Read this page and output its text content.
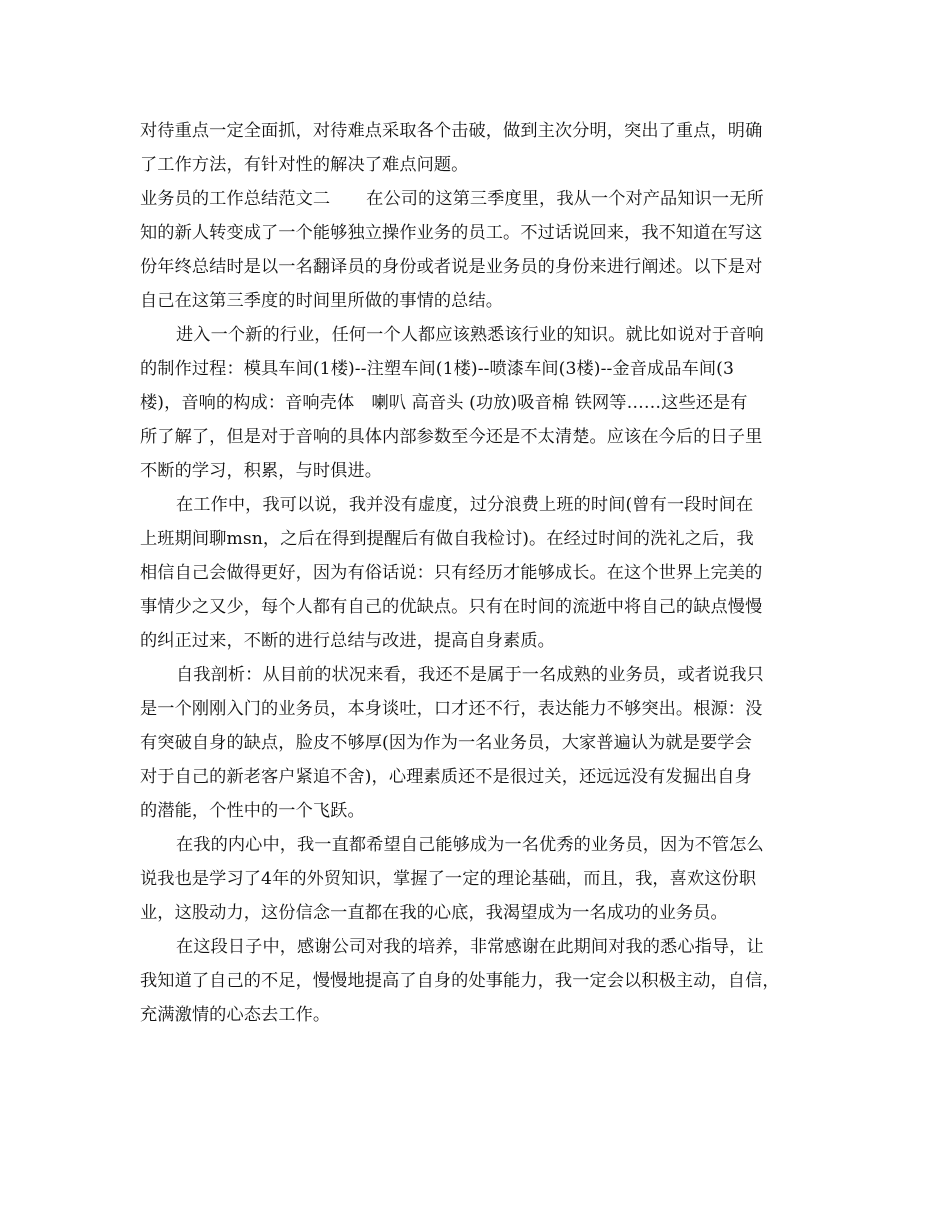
对待重点一定全面抓，对待难点采取各个击破，做到主次分明，突出了重点，明确
了工作方法，有针对性的解决了难点问题。
业务员的工作总结范文二 在公司的这第三季度里，我从一个对产品知识一无所
知的新人转变成了一个能够独立操作业务的员工。不过话说回来，我不知道在写这
份年终总结时是以一名翻译员的身份或者说是业务员的身份来进行阐述。以下是对
自己在这第三季度的时间里所做的事情的总结。
进入一个新的行业，任何一个人都应该熟悉该行业的知识。就比如说对于音响
的制作过程：模具车间(1楼)--注塑车间(1楼)--喷漆车间(3楼)--金音成品车间(3
楼)，音响的构成：音响壳体　喇叭 高音头 (功放)吸音棉 铁网等……这些还是有
所了解了，但是对于音响的具体内部参数至今还是不太清楚。应该在今后的日子里
不断的学习，积累，与时俱进。
在工作中，我可以说，我并没有虚度，过分浪费上班的时间(曾有一段时间在
上班期间聊msn，之后在得到提醒后有做自我检讨)。在经过时间的洗礼之后，我
相信自己会做得更好，因为有俗话说：只有经历才能够成长。在这个世界上完美的
事情少之又少，每个人都有自己的优缺点。只有在时间的流逝中将自己的缺点慢慢
的纠正过来，不断的进行总结与改进，提高自身素质。
自我剖析：从目前的状况来看，我还不是属于一名成熟的业务员，或者说我只
是一个刚刚入门的业务员，本身谈吐，口才还不行，表达能力不够突出。根源：没
有突破自身的缺点，脸皮不够厚(因为作为一名业务员，大家普遍认为就是要学会
对于自己的新老客户紧追不舍)，心理素质还不是很过关，还远远没有发掘出自身
的潜能，个性中的一个飞跃。
在我的内心中，我一直都希望自己能够成为一名优秀的业务员，因为不管怎么
说我也是学习了4年的外贸知识，掌握了一定的理论基础，而且，我，喜欢这份职
业，这股动力，这份信念一直都在我的心底，我渴望成为一名成功的业务员。
在这段日子中，感谢公司对我的培养，非常感谢在此期间对我的悉心指导，让
我知道了自己的不足，慢慢地提高了自身的处事能力，我一定会以积极主动，自信，
充满激情的心态去工作。
